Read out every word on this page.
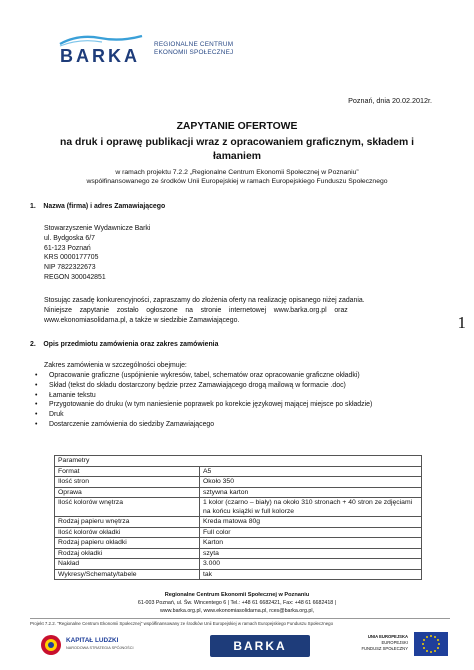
BARKA
REGIONALNE CENTRUM
EKONOMII SPOŁECZNEJ
Poznań, dnia 20.02.2012r.
ZAPYTANIE OFERTOWE
na druk i oprawę publikacji wraz z opracowaniem graficznym, składem i łamaniem
w ramach projektu 7.2.2 „Regionalne Centrum Ekonomii Społecznej w Poznaniu”
współfinansowanego ze środków Unii Europejskiej w ramach Europejskiego Funduszu Społecznego
1.    Nazwa (firma) i adres Zamawiającego
Stowarzyszenie Wydawnicze Barki
ul. Bydgoska 6/7
61-123 Poznań
KRS 0000177705
NIP 7822322673
REGON 300042851
Stosując zasadę konkurencyjności, zapraszamy do złożenia oferty na realizację opisanego niżej zadania.
Niniejsze    zapytanie    zostało    ogłoszone    na    stronie    internetowej    www.barka.org.pl    oraz
www.ekonomiasolidarna.pl, a także w siedzibie Zamawiającego.	1
2.    Opis przedmiotu zamówienia oraz zakres zamówienia
Zakres zamówienia w szczególności obejmuje:
• Opracowanie graficzne (uspójnienie wykresów, tabel, schematów oraz opracowanie graficzne okładki)
• Skład (tekst do składu dostarczony będzie przez Zamawiającego drogą mailową w formacie .doc)
• Łamanie tekstu
• Przygotowanie do druku (w tym naniesienie poprawek po korekcie językowej mającej miejsce po składzie)
• Druk
• Dostarczenie zamówienia do siedziby Zamawiającego
Parametry	
Format	A5
Ilość stron	Około 350
Oprawa	sztywna karton
Ilość kolorów wnętrza	1 kolor (czarno – biały) na około 310 stronach + 40 stron ze zdjęciami na końcu książki w full kolorze
Rodzaj papieru wnętrza	Kreda matowa 80g
Ilość kolorów okładki	Full color
Rodzaj papieru okładki	Karton
Rodzaj okładki	szyta
Nakład	3.000
Wykresy/Schematy/tabele	tak
Regionalne Centrum Ekonomii Społecznej w Poznaniu
61-003 Poznań, ul. Św. Wincentego 6 | Tel.: +48 61 6682421, Fax: +48 61 6682418 |
www.barka.org.pl, www.ekonomiasolidarna.pl, rces@barka.org.pl,
Projekt 7.2.2. "Regionalne Centrum Ekonomii Społecznej" współfinansowany ze środków Unii Europejskiej w ramach Europejskiego Funduszu Społecznego
KAPITAŁ LUDZKI
NARODOWA STRATEGIA SPÓJNOŚCI	BARKA
UNIA EUROPEJSKA
EUROPEJSKI
FUNDUSZ SPOŁECZNY
